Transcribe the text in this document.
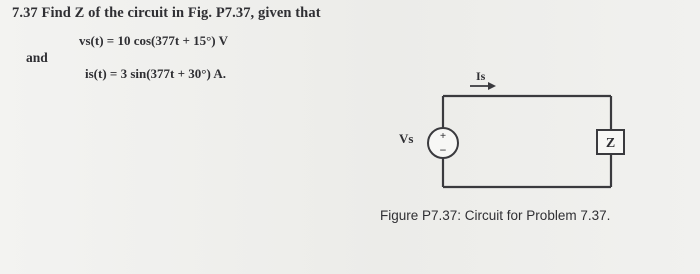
7.37 Find Z of the circuit in Fig. P7.37, given that
vs(t) = 10 cos(377t + 15°) V
and
is(t) = 3 sin(377t + 30°) A.
+
−
Vs	Z
Is
Figure P7.37: Circuit for Problem 7.37.
